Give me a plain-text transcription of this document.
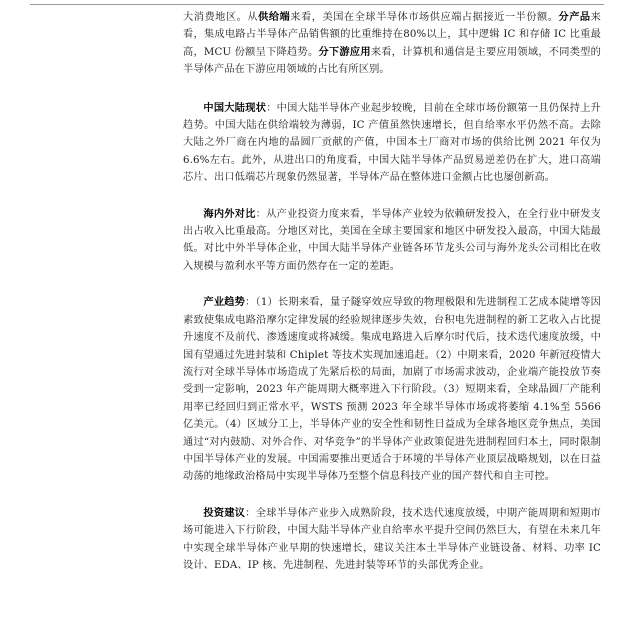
大消费地区。从供给端来看，美国在全球半导体市场供应端占据接近一半份额。分产品来看，集成电路占半导体产品销售额的比重维持在80%以上，其中逻辑 IC 和存储 IC 比重最高，MCU 份额呈下降趋势。分下游应用来看，计算机和通信是主要应用领域，不同类型的半导体产品在下游应用领域的占比有所区别。

中国大陆现状：中国大陆半导体产业起步较晚，目前在全球市场份额第一且仍保持上升趋势。中国大陆在供给端较为薄弱，IC 产值虽然快速增长，但自给率水平仍然不高。去除大陆之外厂商在内地的晶圆厂贡献的产值，中国本土厂商对市场的供给比例 2021 年仅为 6.6%左右。此外，从进出口的角度看，中国大陆半导体产品贸易逆差仍在扩大，进口高端芯片、出口低端芯片现象仍然显著，半导体产品在整体进口金额占比也屡创新高。

海内外对比：从产业投资力度来看，半导体产业较为依赖研发投入，在全行业中研发支出占收入比重最高。分地区对比，美国在全球主要国家和地区中研发投入最高，中国大陆最低。对比中外半导体企业，中国大陆半导体产业链各环节龙头公司与海外龙头公司相比在收入规模与盈利水平等方面仍然存在一定的差距。

产业趋势：（1）长期来看，量子隧穿效应导致的物理极限和先进制程工艺成本陡增等因素致使集成电路沿摩尔定律发展的经验规律逐步失效，台积电先进制程的新工艺收入占比提升速度不及前代、渗透速度或将减缓。集成电路进入后摩尔时代后，技术迭代速度放缓，中国有望通过先进封装和 Chiplet 等技术实现加速追赶。（2）中期来看，2020 年新冠疫情大流行对全球半导体市场造成了先紧后松的局面，加剧了市场需求波动，企业端产能投放节奏受到一定影响，2023 年产能周期大概率进入下行阶段。（3）短期来看，全球晶圆厂产能利用率已经回归到正常水平，WSTS 预测 2023 年全球半导体市场或将萎缩 4.1%至 5566 亿美元。（4）区域分工上，半导体产业的安全性和韧性日益成为全球各地区竞争焦点，美国通过“对内鼓励、对外合作、对华竞争”的半导体产业政策促进先进制程回归本土，同时限制中国半导体产业的发展。中国需要推出更适合于环境的半导体产业顶层战略规划，以在日益动荡的地缘政治格局中实现半导体乃至整个信息科技产业的国产替代和自主可控。

投资建议：全球半导体产业步入成熟阶段，技术迭代速度放缓，中期产能周期和短期市场可能进入下行阶段，中国大陆半导体产业自给率水平提升空间仍然巨大，有望在未来几年中实现全球半导体产业早期的快速增长，建议关注本土半导体产业链设备、材料、功率 IC 设计、EDA、IP 核、先进制程、先进封装等环节的头部优秀企业。
